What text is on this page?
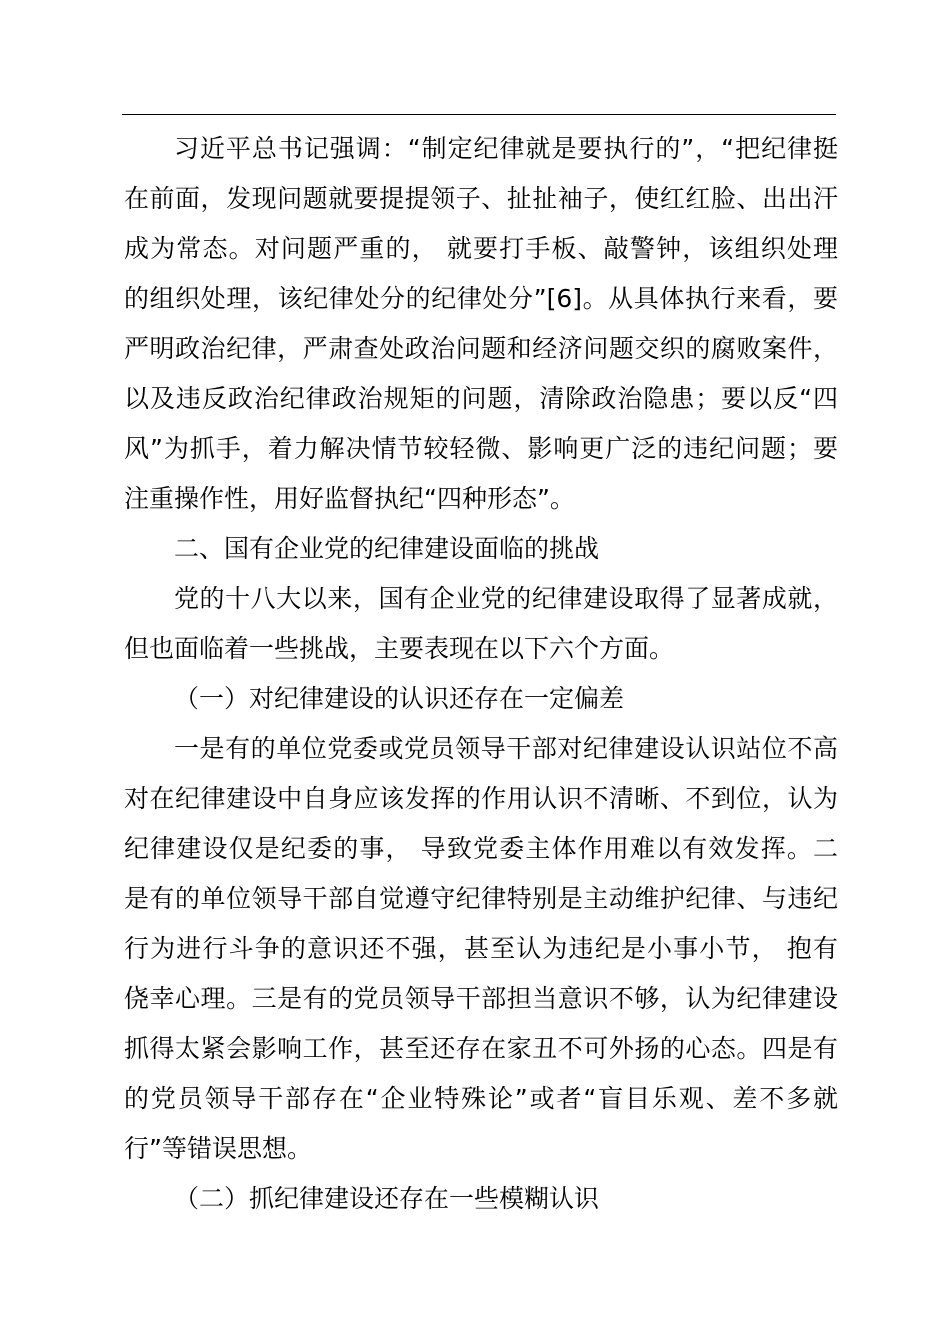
习近平总书记强调：“制定纪律就是要执行的”，“把纪律挺
在前面，发现问题就要提提领子、扯扯袖子，使红红脸、出出汗
成为常态。对问题严重的， 就要打手板、敲警钟，该组织处理
的组织处理，该纪律处分的纪律处分”[6]。从具体执行来看，要
严明政治纪律，严肃查处政治问题和经济问题交织的腐败案件，
以及违反政治纪律政治规矩的问题，清除政治隐患；要以反“四
风”为抓手，着力解决情节较轻微、影响更广泛的违纪问题；要
注重操作性，用好监督执纪“四种形态”。
二、国有企业党的纪律建设面临的挑战
党的十八大以来，国有企业党的纪律建设取得了显著成就，
但也面临着一些挑战，主要表现在以下六个方面。
（一）对纪律建设的认识还存在一定偏差
一是有的单位党委或党员领导干部对纪律建设认识站位不高
对在纪律建设中自身应该发挥的作用认识不清晰、不到位，认为
纪律建设仅是纪委的事， 导致党委主体作用难以有效发挥。二
是有的单位领导干部自觉遵守纪律特别是主动维护纪律、与违纪
行为进行斗争的意识还不强，甚至认为违纪是小事小节， 抱有
侥幸心理。三是有的党员领导干部担当意识不够，认为纪律建设
抓得太紧会影响工作，甚至还存在家丑不可外扬的心态。四是有
的党员领导干部存在“企业特殊论”或者“盲目乐观、差不多就
行”等错误思想。
（二）抓纪律建设还存在一些模糊认识
